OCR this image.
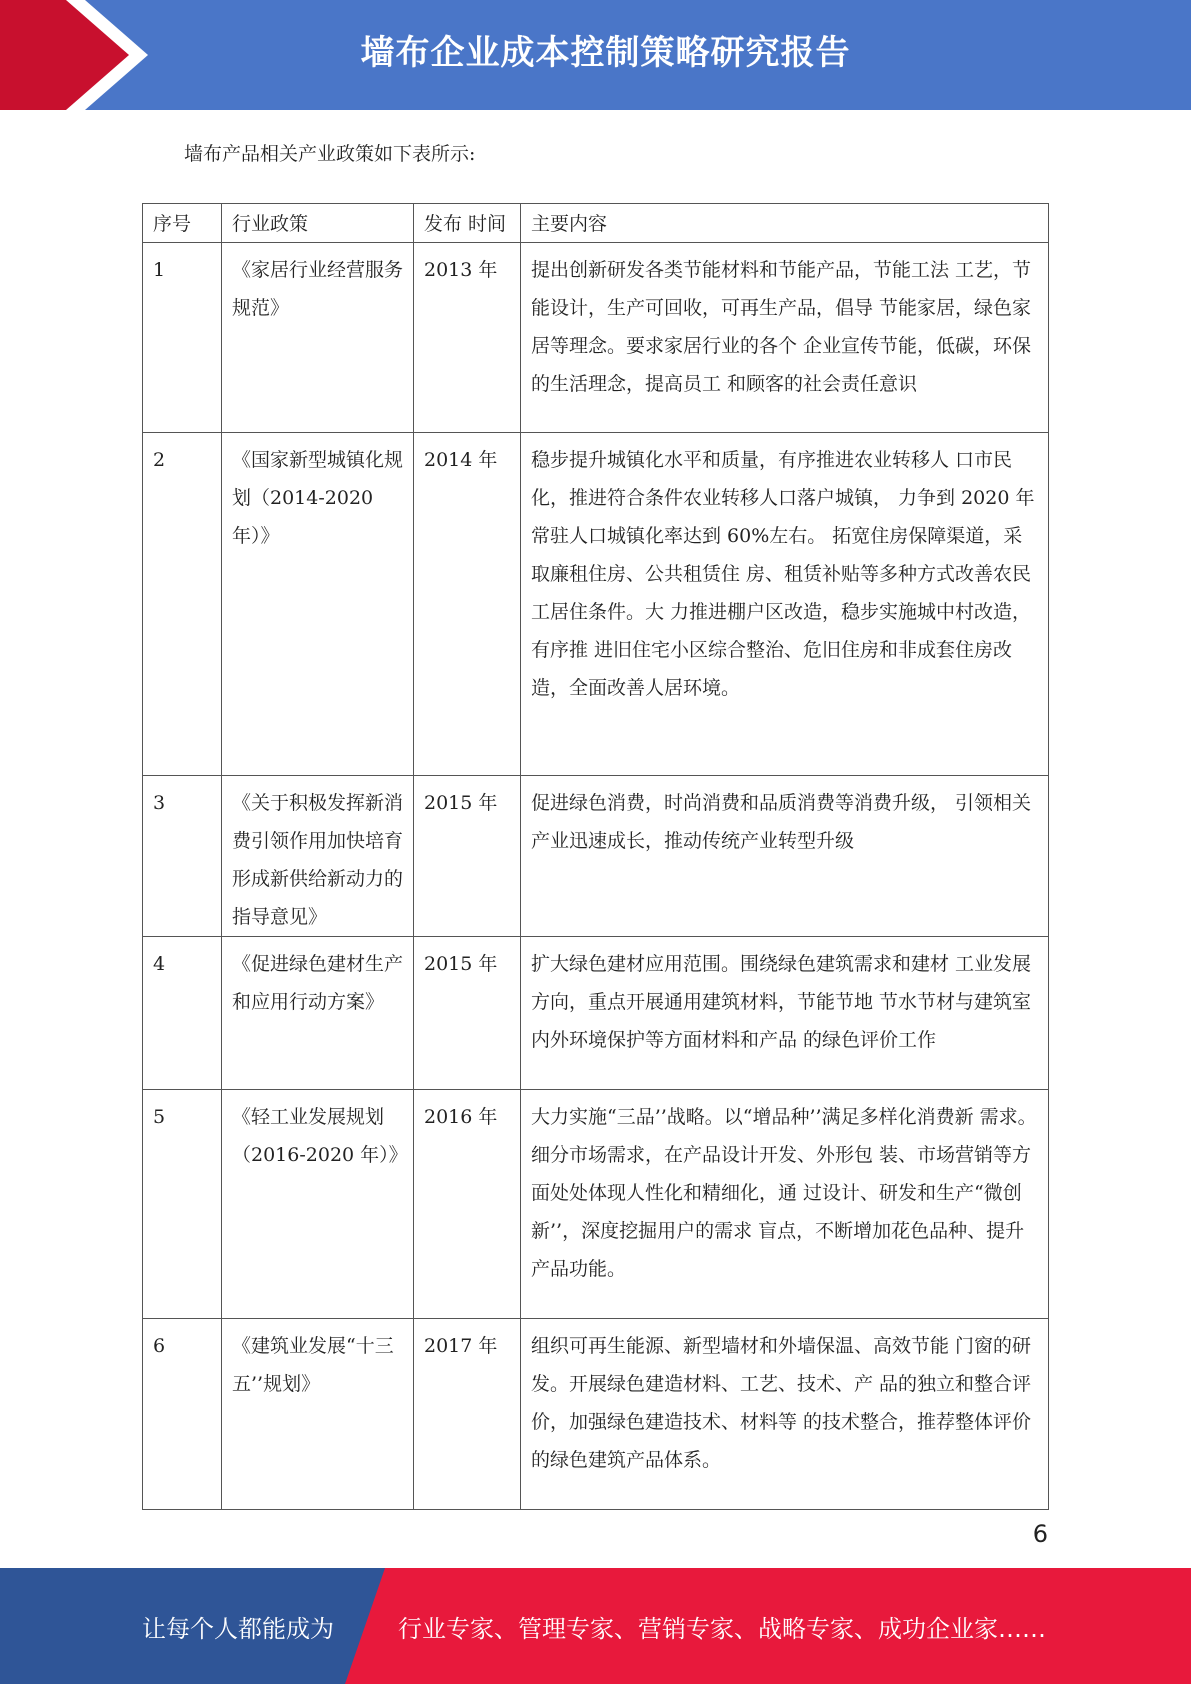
墙布企业成本控制策略研究报告
墙布产品相关产业政策如下表所示:
序号	行业政策	发布 时间	主要内容
1	《家居行业经营服务规范》	2013 年	提出创新研发各类节能材料和节能产品，节能工法 工艺，节能设计，生产可回收，可再生产品，倡导 节能家居，绿色家居等理念。要求家居行业的各个 企业宣传节能，低碳，环保的生活理念，提高员工 和顾客的社会责任意识
2	《国家新型城镇化规划（2014-2020 年）》	2014 年	稳步提升城镇化水平和质量，有序推进农业转移人 口市民化，推进符合条件农业转移人口落户城镇， 力争到 2020 年常驻人口城镇化率达到 60%左右。 拓宽住房保障渠道，采取廉租住房、公共租赁住 房、租赁补贴等多种方式改善农民工居住条件。大 力推进棚户区改造，稳步实施城中村改造，有序推 进旧住宅小区综合整治、危旧住房和非成套住房改 造，全面改善人居环境。
3	《关于积极发挥新消费引领作用加快培育形成新供给新动力的指导意见》	2015 年	促进绿色消费，时尚消费和品质消费等消费升级， 引领相关产业迅速成长，推动传统产业转型升级
4	《促进绿色建材生产和应用行动方案》	2015 年	扩大绿色建材应用范围。围绕绿色建筑需求和建材 工业发展方向，重点开展通用建筑材料，节能节地 节水节材与建筑室内外环境保护等方面材料和产品 的绿色评价工作
5	《轻工业发展规划（2016-2020 年）》	2016 年	大力实施“三品’’战略。以“增品种’’满足多样化消费新 需求。细分市场需求，在产品设计开发、外形包 装、市场营销等方面处处体现人性化和精细化，通 过设计、研发和生产“微创新’’，深度挖掘用户的需求 盲点，不断增加花色品种、提升产品功能。
6	《建筑业发展“十三五’’规划》	2017 年	组织可再生能源、新型墙材和外墙保温、高效节能 门窗的研发。开展绿色建造材料、工艺、技术、产 品的独立和整合评价，加强绿色建造技术、材料等 的技术整合，推荐整体评价的绿色建筑产品体系。
6
让每个人都能成为	行业专家、管理专家、营销专家、战略专家、成功企业家……
